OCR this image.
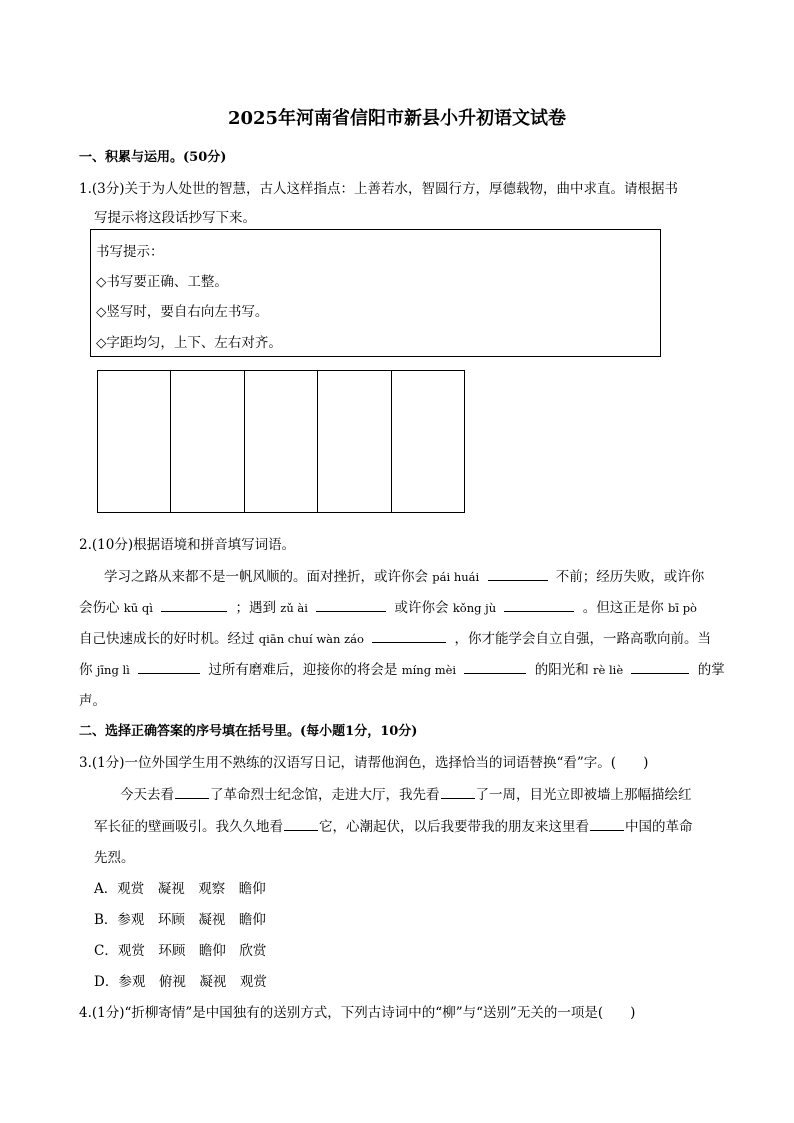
2025年河南省信阳市新县小升初语文试卷
一、积累与运用。(50分)
1.(3分)关于为人处世的智慧，古人这样指点：上善若水，智圆行方，厚德载物，曲中求直。请根据书
写提示将这段话抄写下来。
书写提示：
◇书写要正确、工整。
◇竖写时，要自右向左书写。
◇字距均匀，上下、左右对齐。
2.(10分)根据语境和拼音填写词语。
学习之路从来都不是一帆风顺的。面对挫折，或许你会 pái huái	不前；经历失败，或许你
会伤心 kū qì	；遇到 zǔ ài	或许你会 kǒng jù	。但这正是你 bī pò
自己快速成长的好时机。经过 qiān chuí wàn záo	，你才能学会自立自强，一路高歌向前。当
你 jīng lì	过所有磨难后，迎接你的将会是 míng mèi	的阳光和 rè liè	的掌
声。
二、选择正确答案的序号填在括号里。(每小题1分，10分)
3.(1分)一位外国学生用不熟练的汉语写日记，请帮他润色，选择恰当的词语替换“看”字。(　　)
今天去看	了革命烈士纪念馆，走进大厅，我先看	了一周，目光立即被墙上那幅描绘红
军长征的壁画吸引。我久久地看	它，心潮起伏，以后我要带我的朋友来这里看	中国的革命
先烈。
A．观赏　凝视　观察　瞻仰
B．参观　环顾　凝视　瞻仰
C．观赏　环顾　瞻仰　欣赏
D．参观　俯视　凝视　观赏
4.(1分)“折柳寄情”是中国独有的送别方式，下列古诗词中的“柳”与“送别”无关的一项是(　　)
